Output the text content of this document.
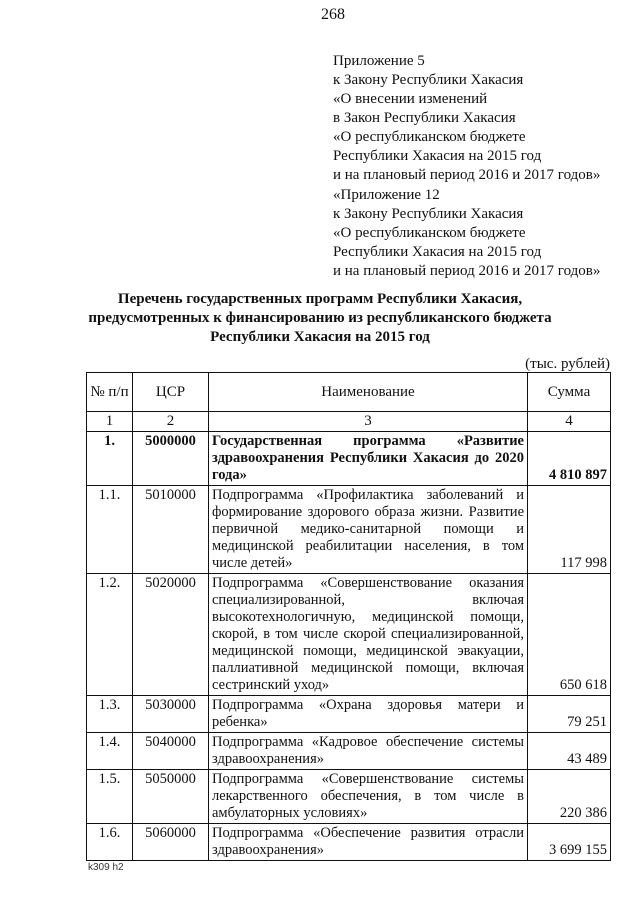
268
Приложение 5
к Закону Республики Хакасия
«О внесении изменений
в Закон Республики Хакасия
«О республиканском бюджете
Республики Хакасия на 2015 год
и на плановый период 2016 и 2017 годов»
«Приложение 12
к Закону Республики Хакасия
«О республиканском бюджете
Республики Хакасия на 2015 год
и на плановый период 2016 и 2017 годов»
Перечень государственных программ Республики Хакасия,
предусмотренных к финансированию из республиканского бюджета
Республики Хакасия на 2015 год
(тыс. рублей)
№ п/п	ЦСР	Наименование	Сумма
1	2	3	4
1.	5000000	Государственная программа «Развитие здравоохранения Республики Хакасия до 2020 года»	4 810 897
1.1.	5010000	Подпрограмма «Профилактика заболеваний и формирование здорового образа жизни. Развитие первичной медико-санитарной помощи и медицинской реабилитации населения, в том числе детей»	117 998
1.2.	5020000	Подпрограмма «Совершенствование оказания специализированной, включая высокотехнологичную, медицинской помощи, скорой, в том числе скорой специализированной, медицинской помощи, медицинской эвакуации, паллиативной медицинской помощи, включая сестринский уход»	650 618
1.3.	5030000	Подпрограмма «Охрана здоровья матери и ребенка»	79 251
1.4.	5040000	Подпрограмма «Кадровое обеспечение системы здравоохранения»	43 489
1.5.	5050000	Подпрограмма «Совершенствование системы лекарственного обеспечения, в том числе в амбулаторных условиях»	220 386
1.6.	5060000	Подпрограмма «Обеспечение развития отрасли здравоохранения»	3 699 155
k309 h2
